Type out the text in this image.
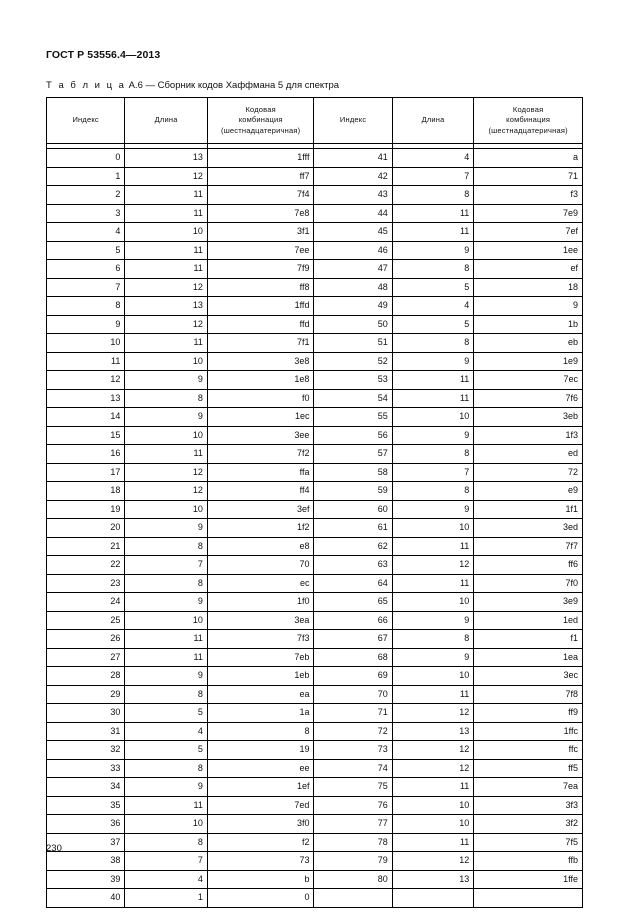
ГОСТ Р 53556.4—2013
Т а б л и ц а А.6 — Сборник кодов Хаффмана 5 для спектра
Индекс	Длина	Кодовая
комбинация
(шестнадцатеричная)	Индекс	Длина	Кодовая
комбинация
(шестнадцатеричная)

0	13	1fff	41	4	a
1	12	ff7	42	7	71
2	11	7f4	43	8	f3
3	11	7e8	44	11	7e9
4	10	3f1	45	11	7ef
5	11	7ee	46	9	1ee
6	11	7f9	47	8	ef
7	12	ff8	48	5	18
8	13	1ffd	49	4	9
9	12	ffd	50	5	1b
10	11	7f1	51	8	eb
11	10	3e8	52	9	1e9
12	9	1e8	53	11	7ec
13	8	f0	54	11	7f6
14	9	1ec	55	10	3eb
15	10	3ee	56	9	1f3
16	11	7f2	57	8	ed
17	12	ffa	58	7	72
18	12	ff4	59	8	e9
19	10	3ef	60	9	1f1
20	9	1f2	61	10	3ed
21	8	e8	62	11	7f7
22	7	70	63	12	ff6
23	8	ec	64	11	7f0
24	9	1f0	65	10	3e9
25	10	3ea	66	9	1ed
26	11	7f3	67	8	f1
27	11	7eb	68	9	1ea
28	9	1eb	69	10	3ec
29	8	ea	70	11	7f8
30	5	1a	71	12	ff9
31	4	8	72	13	1ffc
32	5	19	73	12	ffc
33	8	ee	74	12	ff5
34	9	1ef	75	11	7ea
35	11	7ed	76	10	3f3
36	10	3f0	77	10	3f2
37	8	f2	78	11	7f5
38	7	73	79	12	ffb
39	4	b	80	13	1ffe
40	1	0			
230
